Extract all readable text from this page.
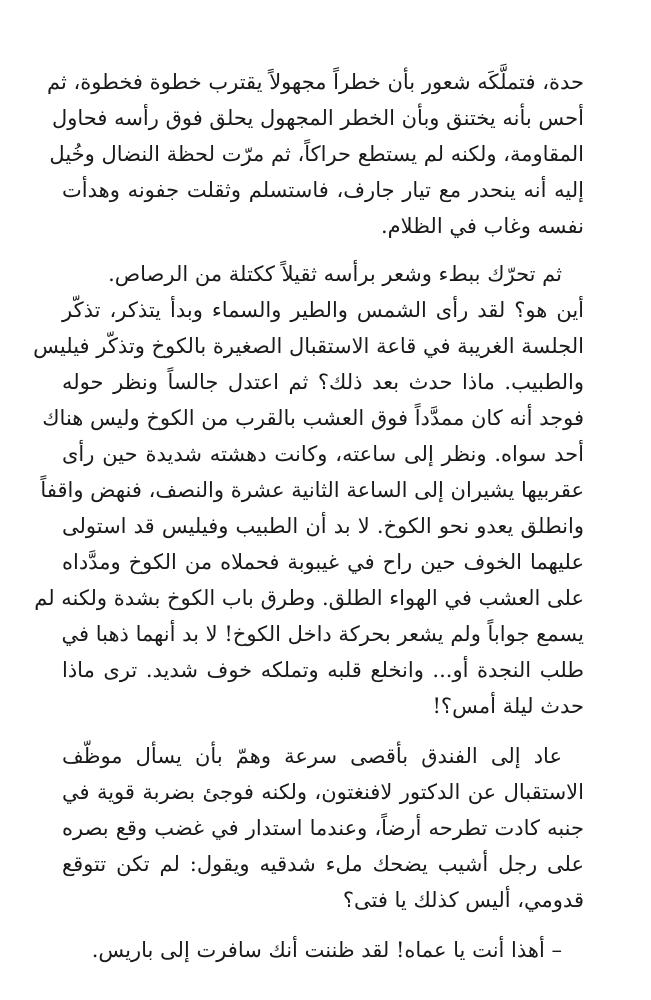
حدة، فتملَّكَه شعور بأن خطراً مجهولاً يقترب خطوة فخطوة، ثم
أحس بأنه يختنق وبأن الخطر المجهول يحلق فوق رأسه فحاول
المقاومة، ولكنه لم يستطع حراكاً، ثم مرّت لحظة النضال وخُيل
إليه أنه ينحدر مع تيار جارف، فاستسلم وثقلت جفونه وهدأت
نفسه وغاب في الظلام.
ثم تحرّك ببطء وشعر برأسه ثقيلاً ككتلة من الرصاص.
أين هو؟ لقد رأى الشمس والطير والسماء وبدأ يتذكر، تذكّر
الجلسة الغريبة في قاعة الاستقبال الصغيرة بالكوخ وتذكّر فيليس
والطبيب. ماذا حدث بعد ذلك؟ ثم اعتدل جالساً ونظر حوله
فوجد أنه كان ممدَّداً فوق العشب بالقرب من الكوخ وليس هناك
أحد سواه. ونظر إلى ساعته، وكانت دهشته شديدة حين رأى
عقربيها يشيران إلى الساعة الثانية عشرة والنصف، فنهض واقفاً
وانطلق يعدو نحو الكوخ. لا بد أن الطبيب وفيليس قد استولى
عليهما الخوف حين راح في غيبوبة فحملاه من الكوخ ومدَّداه
على العشب في الهواء الطلق. وطرق باب الكوخ بشدة ولكنه لم
يسمع جواباً ولم يشعر بحركة داخل الكوخ! لا بد أنهما ذهبا في
طلب النجدة أو... وانخلع قلبه وتملكه خوف شديد. ترى ماذا
حدث ليلة أمس؟!
عاد إلى الفندق بأقصى سرعة وهمّ بأن يسأل موظّف
الاستقبال عن الدكتور لافنغتون، ولكنه فوجئ بضربة قوية في
جنبه كادت تطرحه أرضاً، وعندما استدار في غضب وقع بصره
على رجل أشيب يضحك ملء شدقيه ويقول: لم تكن تتوقع
قدومي، أليس كذلك يا فتى؟
– أهذا أنت يا عماه! لقد ظننت أنك سافرت إلى باريس.
